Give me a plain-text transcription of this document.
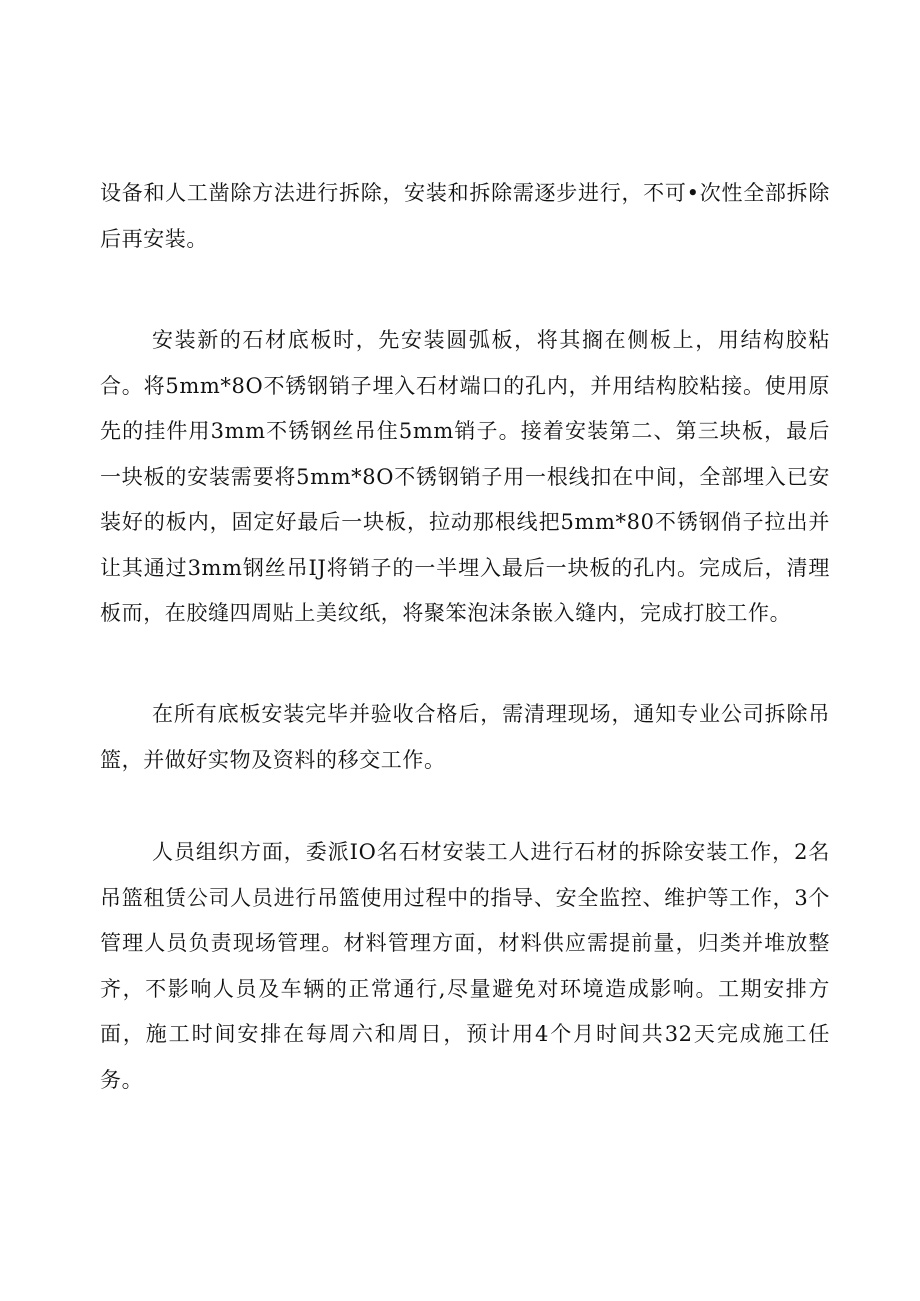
设备和人工凿除方法进行拆除，安装和拆除需逐步进行，不可•次性全部拆除后再安装。

安装新的石材底板时，先安装圆弧板，将其搁在侧板上，用结构胶粘合。将5mm*8O不锈钢销子埋入石材端口的孔内，并用结构胶粘接。使用原先的挂件用3mm不锈钢丝吊住5mm销子。接着安装第二、第三块板，最后一块板的安装需要将5mm*8O不锈钢销子用一根线扣在中间，全部埋入已安装好的板内，固定好最后一块板，拉动那根线把5mm*80不锈钢俏子拉出并让其通过3mm钢丝吊IJ将销子的一半埋入最后一块板的孔内。完成后，清理板而，在胶缝四周贴上美纹纸，将聚笨泡沫条嵌入缝内，完成打胶工作。

在所有底板安装完毕并验收合格后，需清理现场，通知专业公司拆除吊篮，并做好实物及资料的移交工作。

人员组织方面，委派IO名石材安装工人进行石材的拆除安装工作，2名吊篮租赁公司人员进行吊篮使用过程中的指导、安全监控、维护等工作，3个管理人员负责现场管理。材料管理方面，材料供应需提前量，归类并堆放整齐，不影响人员及车辆的正常通行,尽量避免对环境造成影响。工期安排方面，施工时间安排在每周六和周日，预计用4个月时间共32天完成施工任务。
